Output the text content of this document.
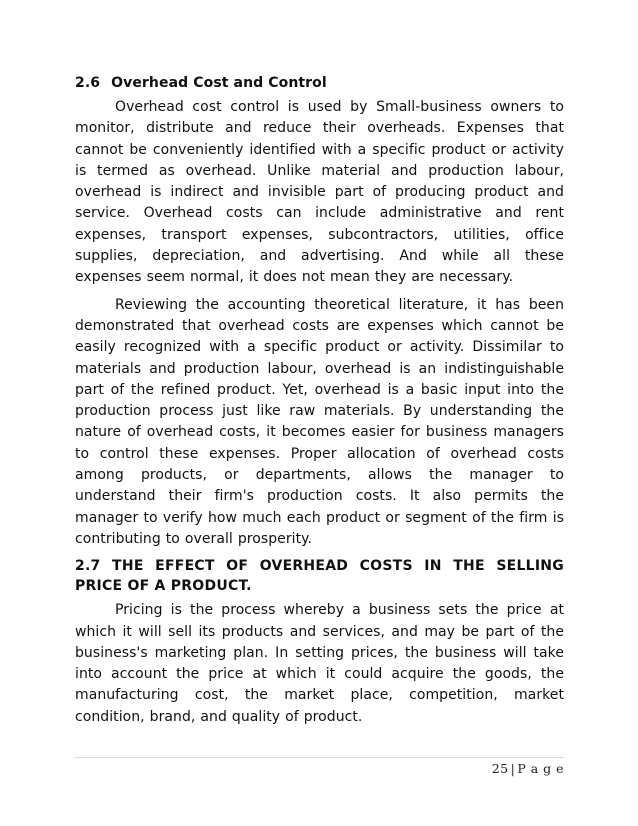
2.6 Overhead Cost and Control

Overhead cost control is used by Small-business owners to monitor, distribute and reduce their overheads. Expenses that cannot be conveniently identified with a specific product or activity is termed as overhead. Unlike material and production labour, overhead is indirect and invisible part of producing product and service. Overhead costs can include administrative and rent expenses, transport expenses, subcontractors, utilities, office supplies, depreciation, and advertising. And while all these expenses seem normal, it does not mean they are necessary.

Reviewing the accounting theoretical literature, it has been demonstrated that overhead costs are expenses which cannot be easily recognized with a specific product or activity. Dissimilar to materials and production labour, overhead is an indistinguishable part of the refined product. Yet, overhead is a basic input into the production process just like raw materials. By understanding the nature of overhead costs, it becomes easier for business managers to control these expenses. Proper allocation of overhead costs among products, or departments, allows the manager to understand their firm's production costs. It also permits the manager to verify how much each product or segment of the firm is contributing to overall prosperity.

2.7 THE EFFECT OF OVERHEAD COSTS IN THE SELLING PRICE OF A PRODUCT.

Pricing is the process whereby a business sets the price at which it will sell its products and services, and may be part of the business's marketing plan. In setting prices, the business will take into account the price at which it could acquire the goods, the manufacturing cost, the market place, competition, market condition, brand, and quality of product.

25 | P a g e
